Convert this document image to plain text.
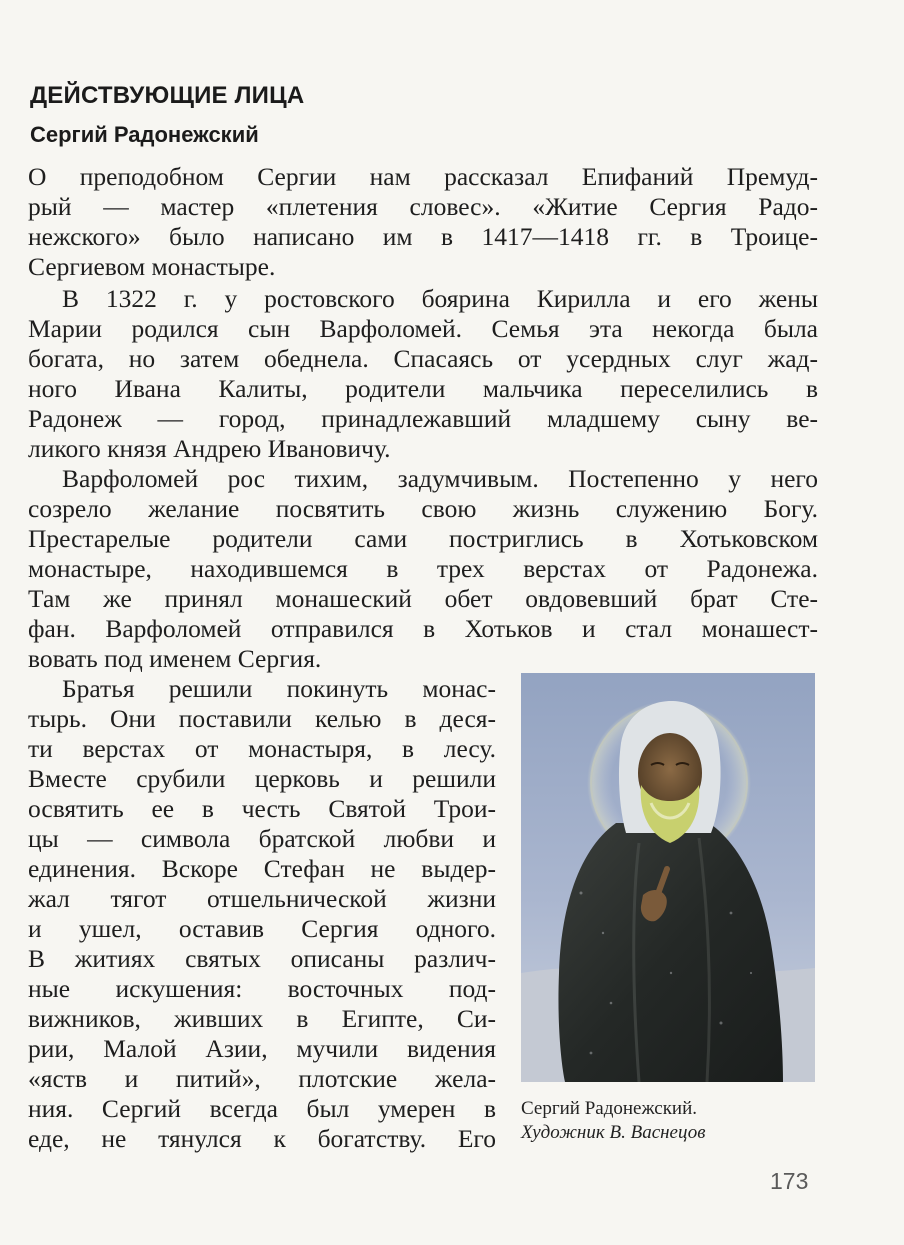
ДЕЙСТВУЮЩИЕ ЛИЦА
Сергий Радонежский

О преподобном Сергии нам рассказал Епифаний Премуд-

рый — мастер «плетения словес». «Житие Сергия Радо-

нежского» было написано им в 1417—1418 гг. в Троице-

Сергиевом монастыре.

В 1322 г. у ростовского боярина Кирилла и его жены

Марии родился сын Варфоломей. Семья эта некогда была

богата, но затем обеднела. Спасаясь от усердных слуг жад-

ного Ивана Калиты, родители мальчика переселились в

Радонеж — город, принадлежавший младшему сыну ве-

ликого князя Андрею Ивановичу.

Варфоломей рос тихим, задумчивым. Постепенно у него

созрело желание посвятить свою жизнь служению Богу.

Престарелые родители сами постриглись в Хотьковском

монастыре, находившемся в трех верстах от Радонежа.

Там же принял монашеский обет овдовевший брат Сте-

фан. Варфоломей отправился в Хотьков и стал монашест-

вовать под именем Сергия.

Братья решили покинуть монас-

тырь. Они поставили келью в деся-

ти верстах от монастыря, в лесу.

Вместе срубили церковь и решили

освятить ее в честь Святой Трои-

цы — символа братской любви и

единения. Вскоре Стефан не выдер-

жал тягот отшельнической жизни

и ушел, оставив Сергия одного.

В житиях святых описаны различ-

ные искушения: восточных под-

вижников, живших в Египте, Си-

рии, Малой Азии, мучили видения

«яств и питий», плотские жела-

ния. Сергий всегда был умерен в

еде, не тянулся к богатству. Его

Сергий Радонежский.

Художник В. Васнецов

173
